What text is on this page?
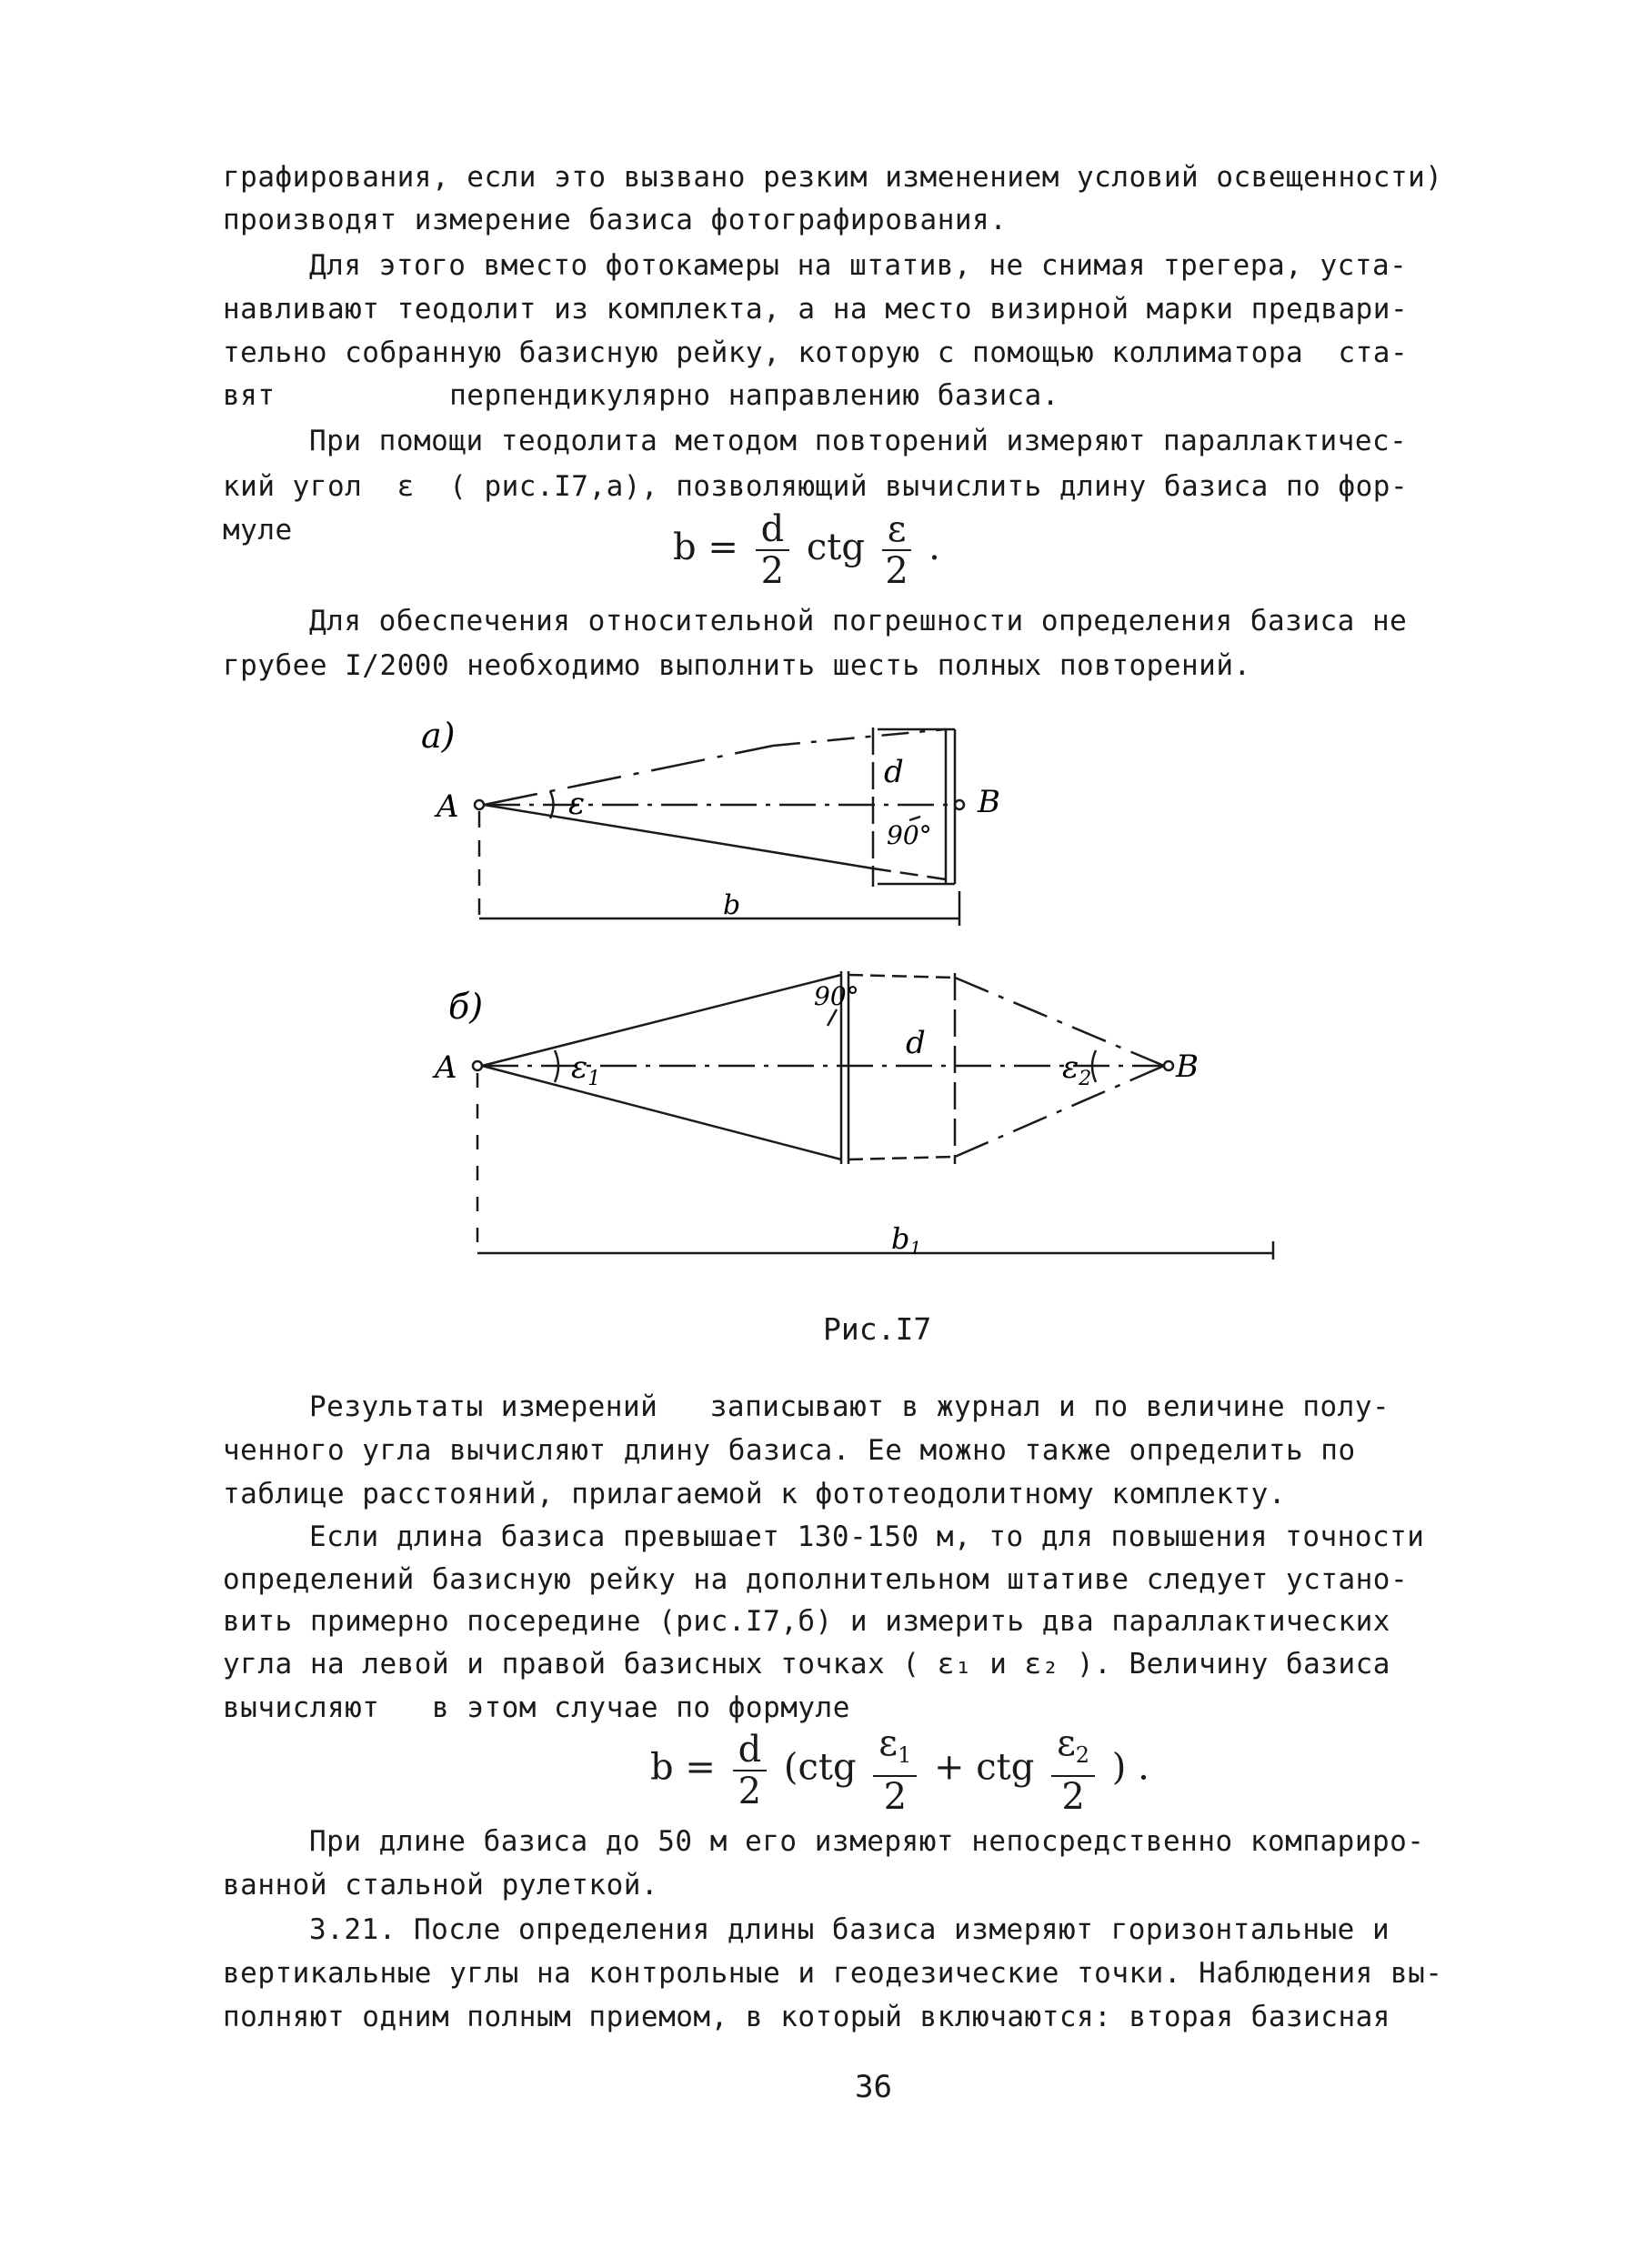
графирования, если это вызвано резким изменением условий освещенности)
производят измерение базиса фотографирования.
Для этого вместо фотокамеры на штатив, не снимая трегера, уста-
навливают теодолит из комплекта, а на место визирной марки предвари-
тельно собранную базисную рейку, которую с помощью коллиматора  ста-
вят          перпендикулярно направлению базиса.
При помощи теодолита методом повторений измеряют параллактичес-
кий угол  ε  ( рис.I7,а), позволяющий вычислить длину базиса по фор-
муле	$b = \frac{d}{2}$ ctg $\frac{\varepsilon}{2}$ .
Для обеспечения относительной погрешности определения базиса не
грубее I/2000 необходимо выполнить шесть полных повторений.
а)
A	ε
d
90°
B
b
б)
A	$\varepsilon_1$
90°
d
$\varepsilon_2$	B
b1
Рис.I7
Результаты измерений   записывают в журнал и по величине полу-
ченного угла вычисляют длину базиса. Ее можно также определить по
таблице расстояний, прилагаемой к фототеодолитному комплекту.
Если длина базиса превышает 130-150 м, то для повышения точности
определений базисную рейку на дополнительном штативе следует устано-
вить примерно посередине (рис.I7,б) и измерить два параллактических
угла на левой и правой базисных точках ( ε₁ и ε₂ ). Величину базиса
вычисляют   в этом случае по формуле
$b = \frac{d}{2} (ctg \frac{\varepsilon_1}{2}$ + ctg $\frac{\varepsilon_2}{2}$ ) .
При длине базиса до 50 м его измеряют непосредственно компариро-
ванной стальной рулеткой.
3.21. После определения длины базиса измеряют горизонтальные и
вертикальные углы на контрольные и геодезические точки. Наблюдения вы-
полняют одним полным приемом, в который включаются: вторая базисная
36
